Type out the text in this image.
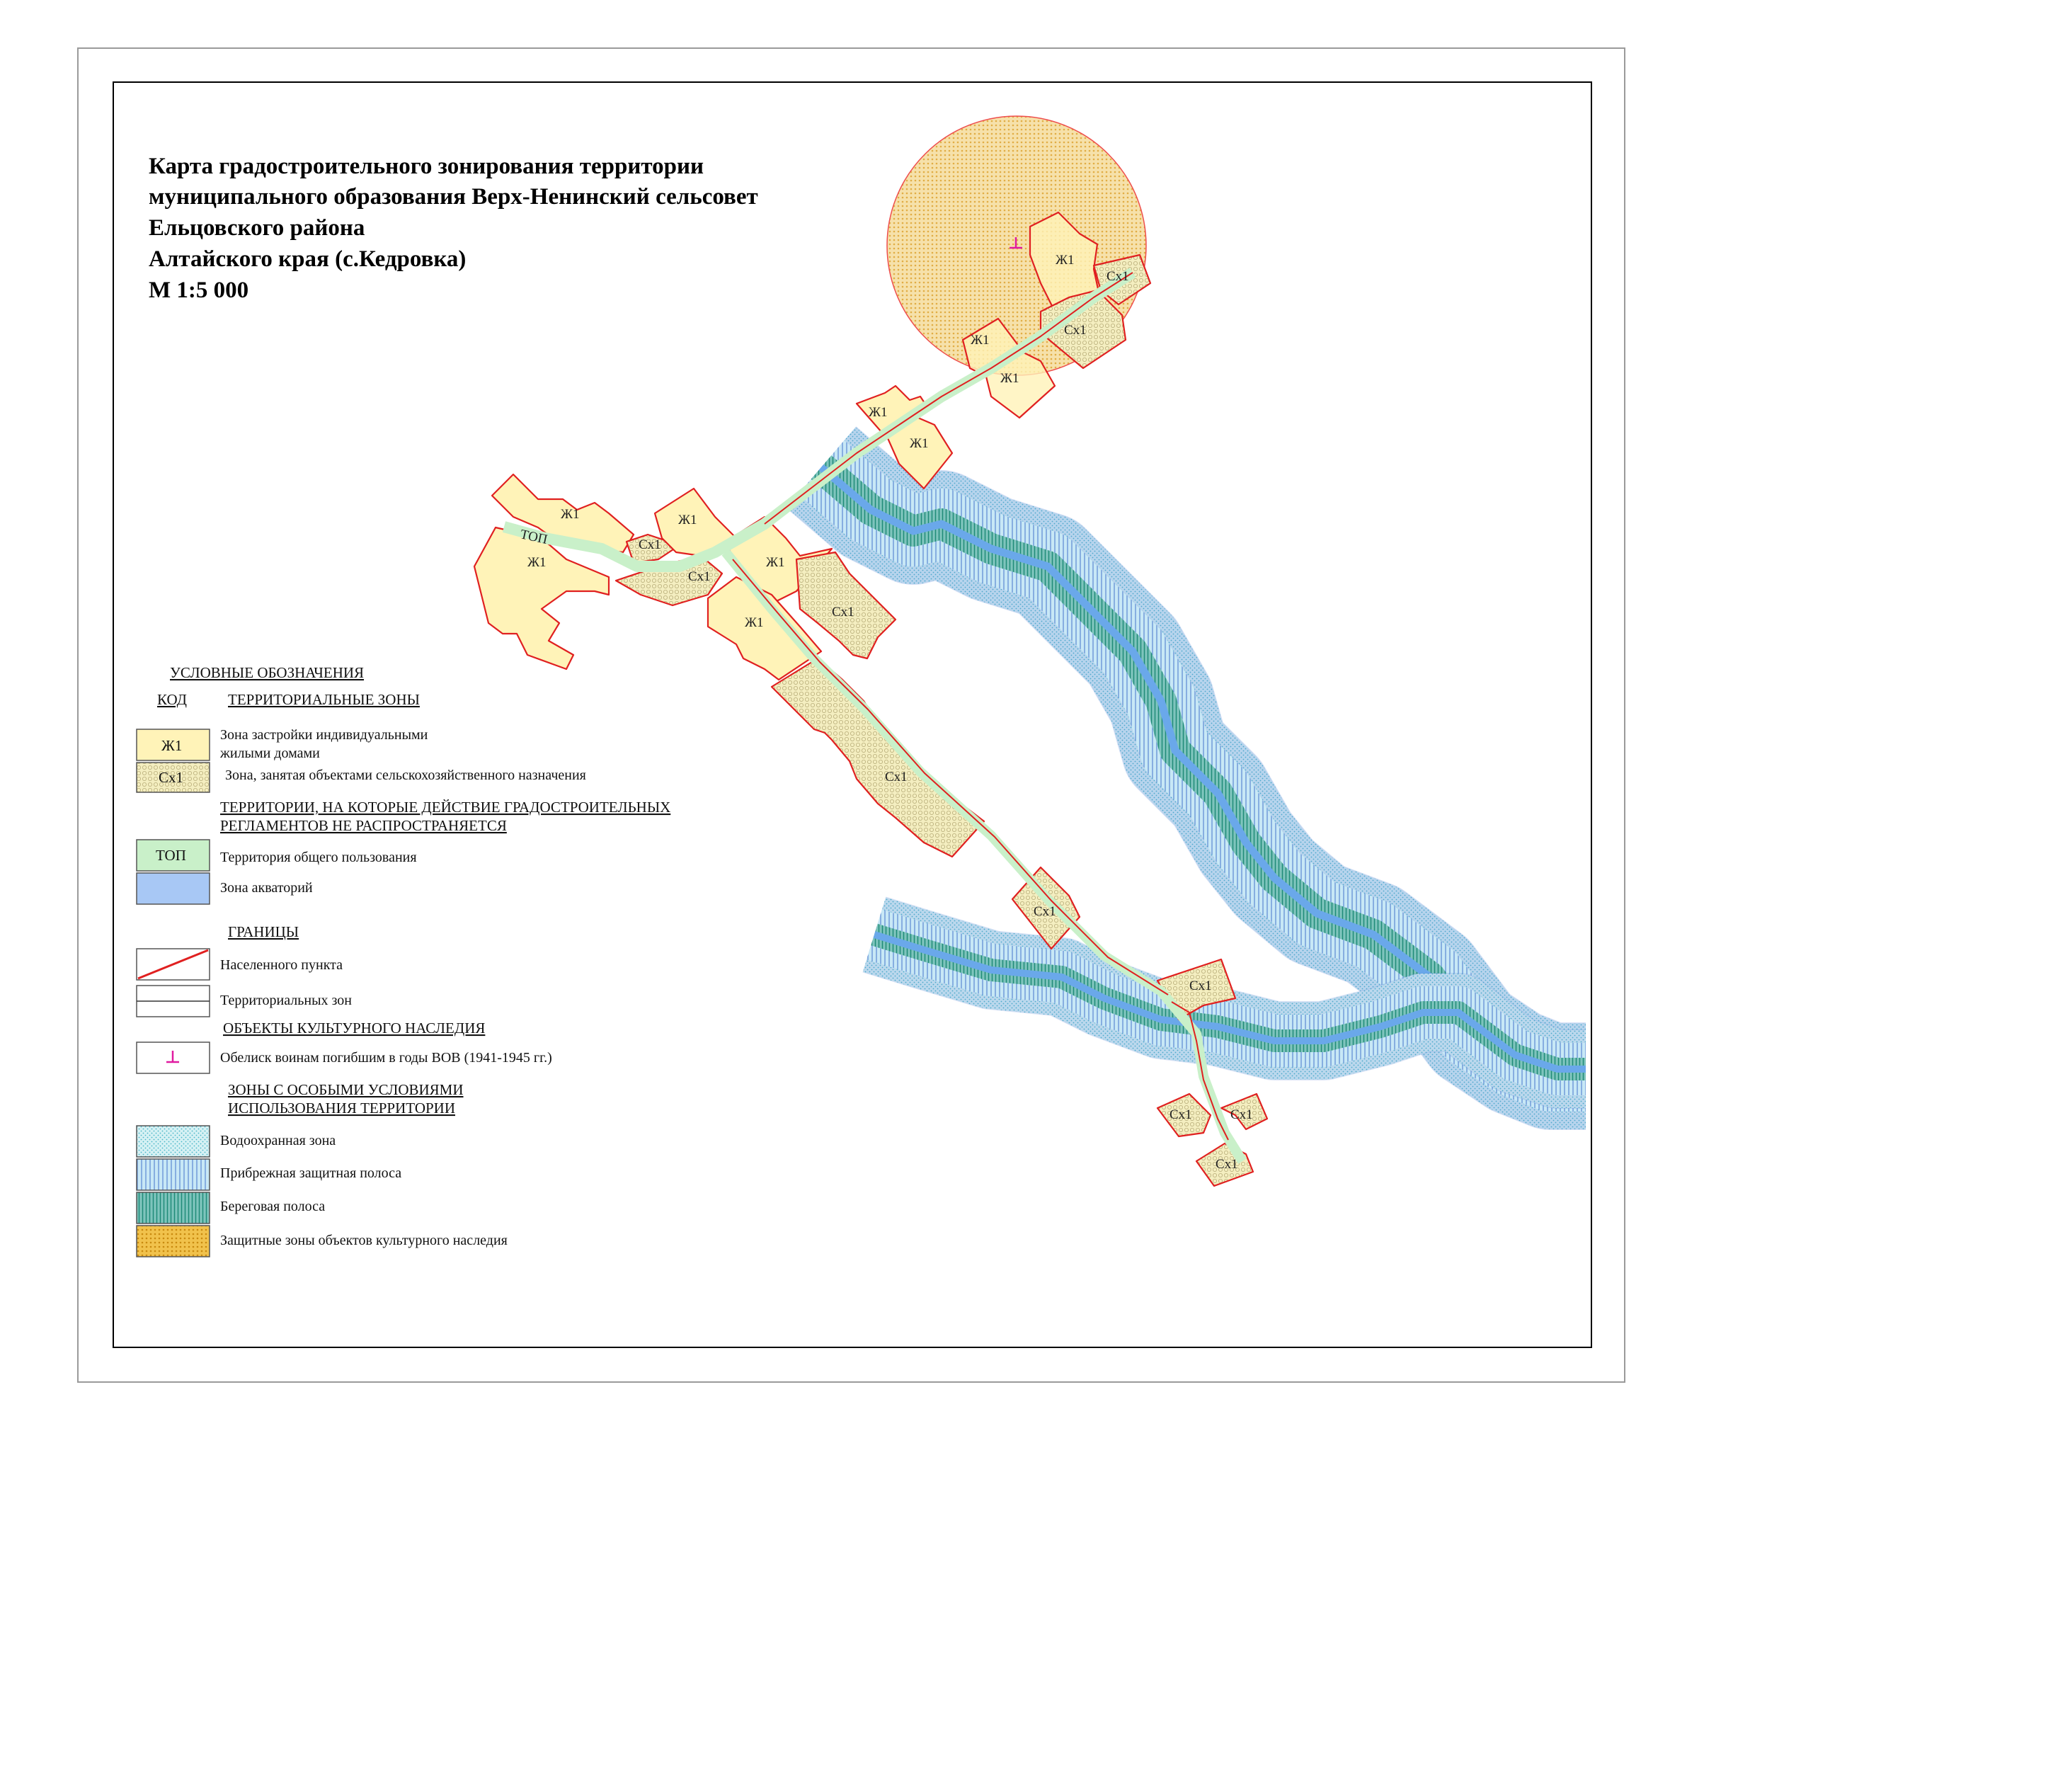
Карта градостроительного зонирования территории
муниципального образования Верх-Ненинский сельсовет
Ельцовского района
Алтайского края (с.Кедровка)
М 1:5 000
Ж1
Сх1
Сх1
Ж1
Ж1
Ж1
Ж1
Ж1
Ж1
ТОП	Сх1
Сх1
Ж1
Ж1
Сх1
Ж1
Сх1
Сх1
Сх1
Сх1	Сх1
Сх1
УСЛОВНЫЕ ОБОЗНАЧЕНИЯ
КОД	ТЕРРИТОРИАЛЬНЫЕ ЗОНЫ
Ж1
Зона застройки индивидуальными
жилыми домами
Сх1	Зона, занятая объектами сельскохозяйственного назначения
ТЕРРИТОРИИ, НА КОТОРЫЕ ДЕЙСТВИЕ ГРАДОСТРОИТЕЛЬНЫХ
РЕГЛАМЕНТОВ НЕ РАСПРОСТРАНЯЕТСЯ
ТОП Территория общего пользования
Зона акваторий
ГРАНИЦЫ
Населенного пункта
Территориальных зон
ОБЪЕКТЫ КУЛЬТУРНОГО НАСЛЕДИЯ
Обелиск воинам погибшим в годы ВОВ (1941-1945 гг.)
ЗОНЫ С ОСОБЫМИ УСЛОВИЯМИ
ИСПОЛЬЗОВАНИЯ ТЕРРИТОРИИ
Водоохранная зона
Прибрежная защитная полоса
Береговая полоса
Защитные зоны объектов культурного наследия
